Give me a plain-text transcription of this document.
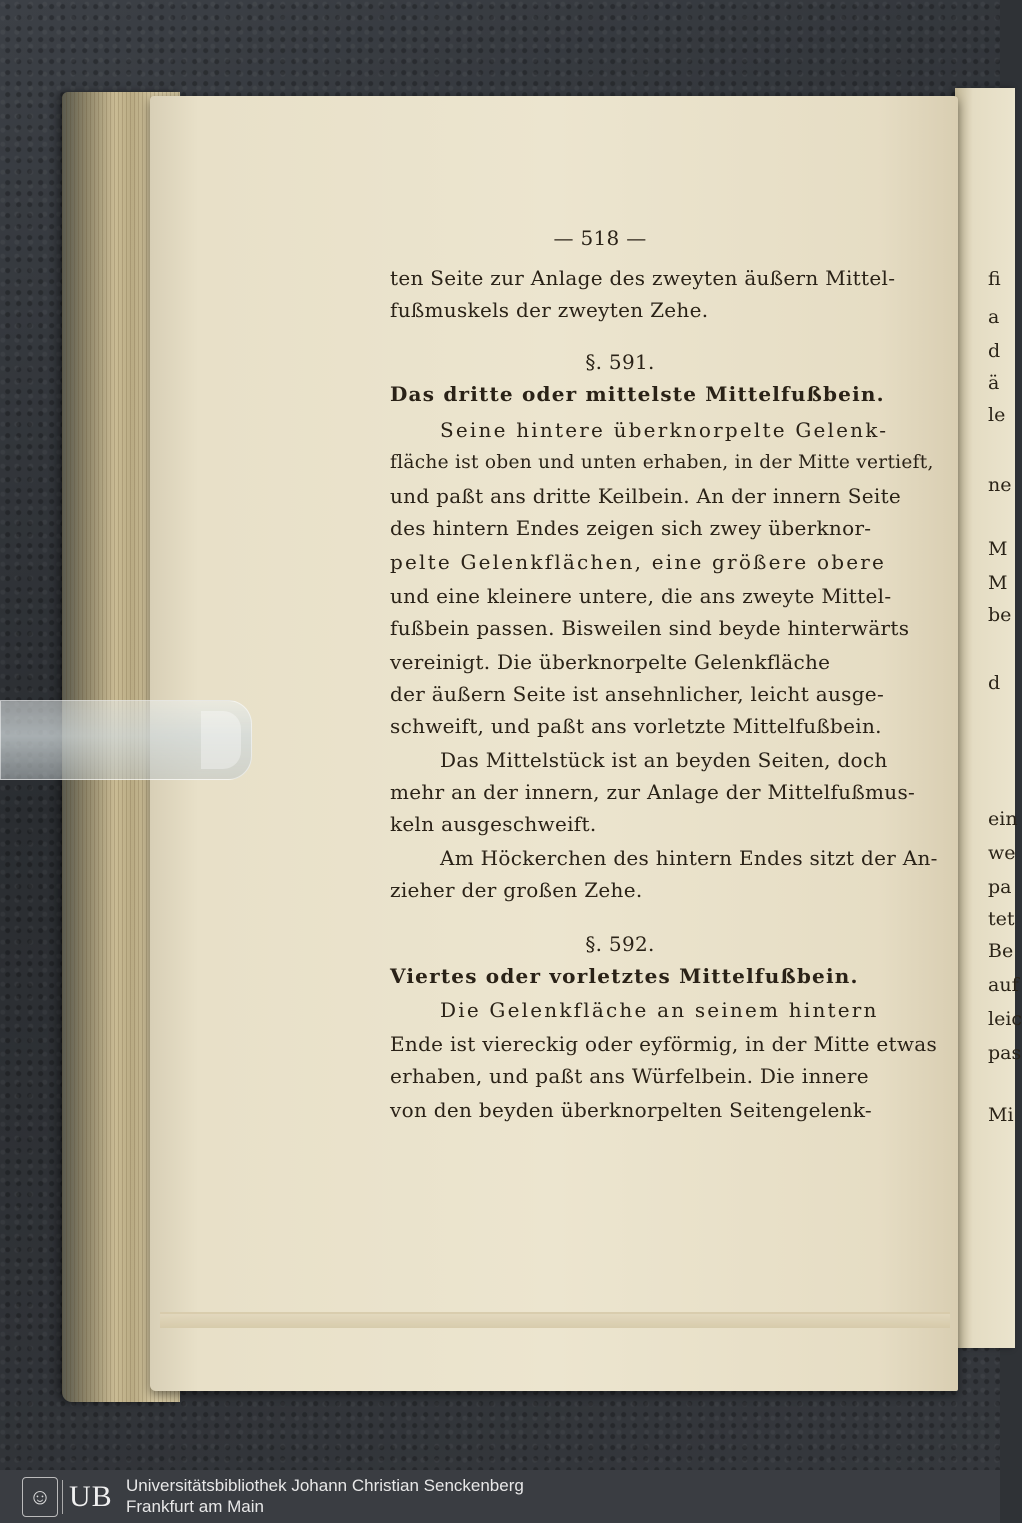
fi
a
d
ä
le
ne
M
M
be
d
ein
we
pa
tet
Be
auf
leic
pas
Mi
— 518 —
ten Seite zur Anlage des zweyten äußern Mittel-
fußmuskels der zweyten Zehe.
§. 591.
Das dritte oder mittelste Mittelfußbein.
Seine hintere überknorpelte Gelenk-
fläche ist oben und unten erhaben, in der Mitte vertieft,
und paßt ans dritte Keilbein. An der innern Seite
des hintern Endes zeigen sich zwey überknor-
pelte Gelenkflächen, eine größere obere
und eine kleinere untere, die ans zweyte Mittel-
fußbein passen. Bisweilen sind beyde hinterwärts
vereinigt. Die überknorpelte Gelenkfläche
der äußern Seite ist ansehnlicher, leicht ausge-
schweift, und paßt ans vorletzte Mittelfußbein.
Das Mittelstück ist an beyden Seiten, doch
mehr an der innern, zur Anlage der Mittelfußmus-
keln ausgeschweift.
Am Höckerchen des hintern Endes sitzt der An-
zieher der großen Zehe.
§. 592.
Viertes oder vorletztes Mittelfußbein.
Die Gelenkfläche an seinem hintern
Ende ist viereckig oder eyförmig, in der Mitte etwas
erhaben, und paßt ans Würfelbein. Die innere
von den beyden überknorpelten Seitengelenk-
☺ UB Universitätsbibliothek Johann Christian Senckenberg
Frankfurt am Main
